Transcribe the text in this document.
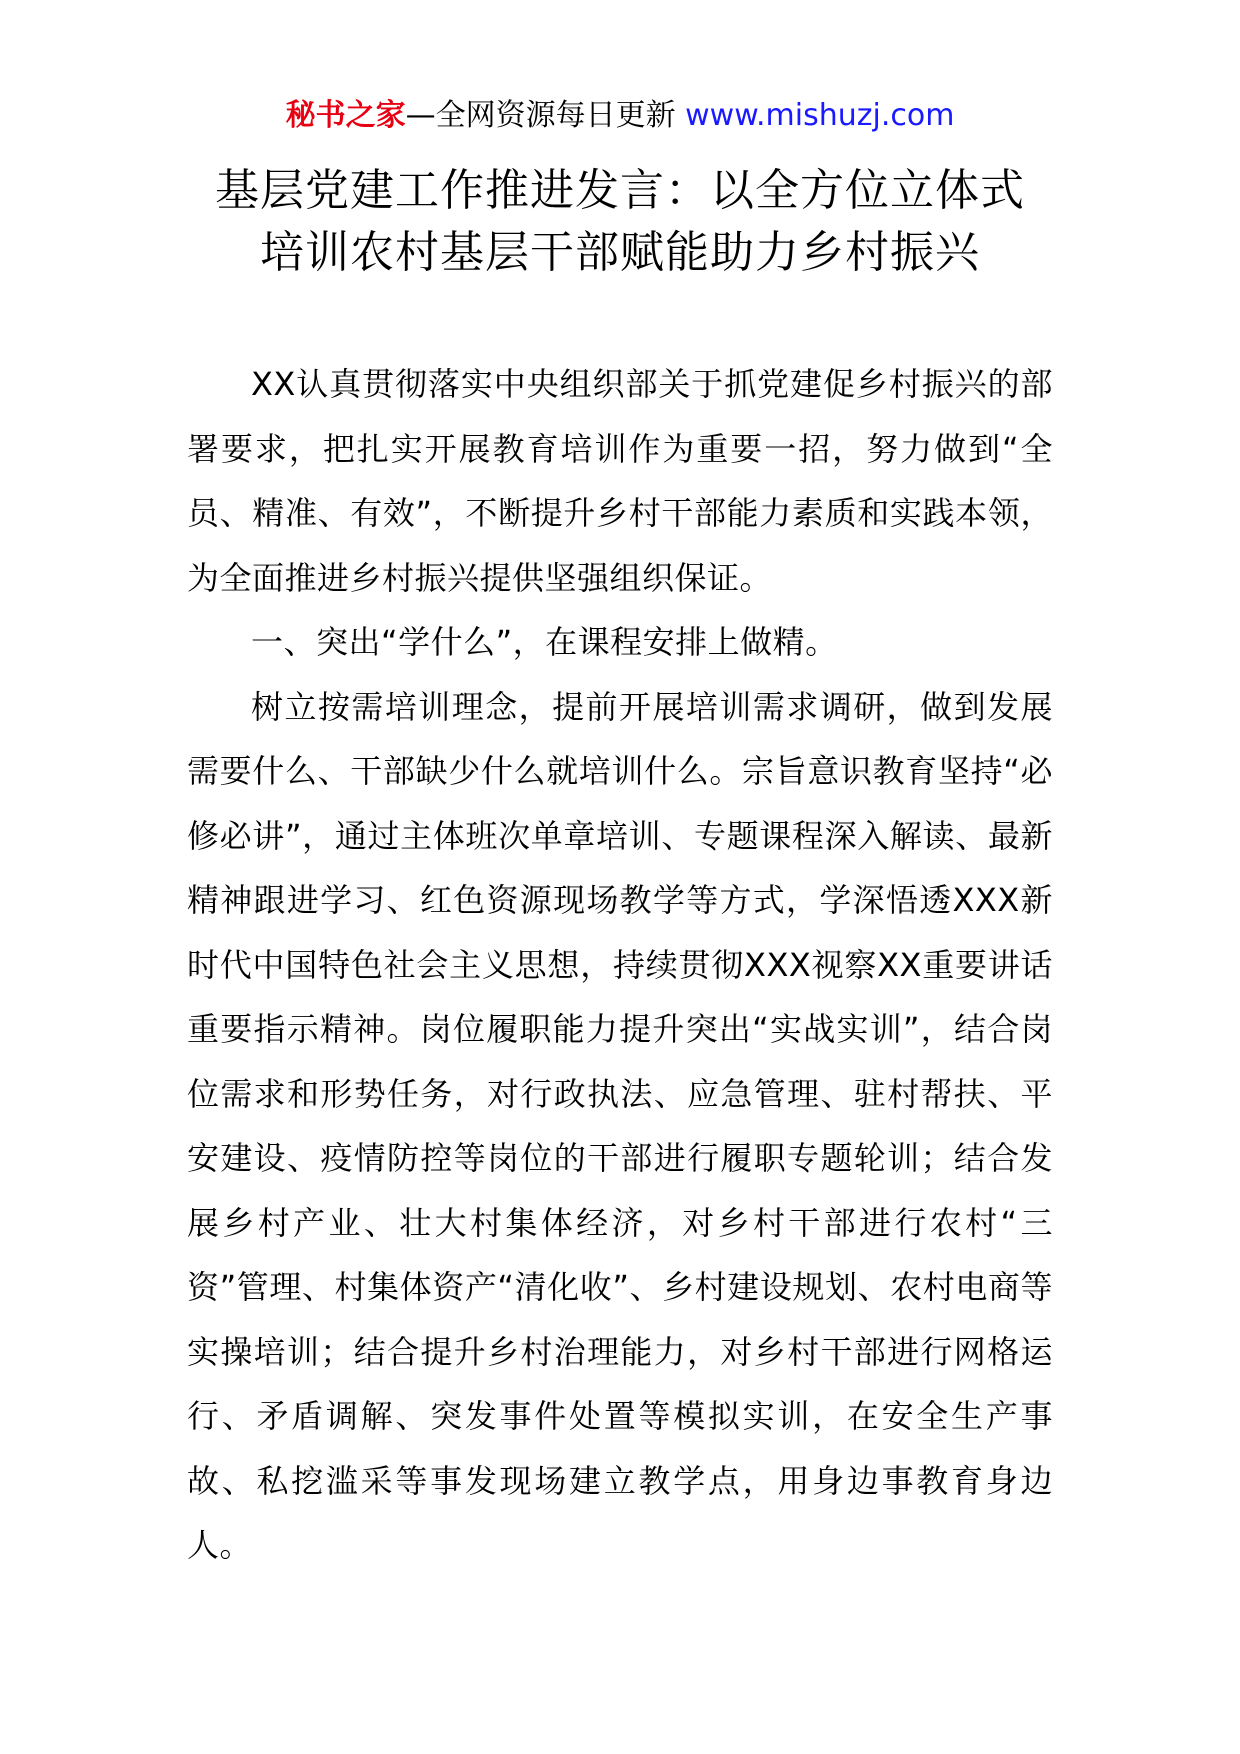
秘书之家—全网资源每日更新 www.mishuzj.com
基层党建工作推进发言：以全方位立体式
培训农村基层干部赋能助力乡村振兴

XX认真贯彻落实中央组织部关于抓党建促乡村振兴的部署要求，把扎实开展教育培训作为重要一招，努力做到“全员、精准、有效”，不断提升乡村干部能力素质和实践本领，为全面推进乡村振兴提供坚强组织保证。

一、突出“学什么”，在课程安排上做精。

树立按需培训理念，提前开展培训需求调研，做到发展需要什么、干部缺少什么就培训什么。宗旨意识教育坚持“必修必讲”，通过主体班次单章培训、专题课程深入解读、最新精神跟进学习、红色资源现场教学等方式，学深悟透XXX新时代中国特色社会主义思想，持续贯彻XXX视察XX重要讲话重要指示精神。岗位履职能力提升突出“实战实训”，结合岗位需求和形势任务，对行政执法、应急管理、驻村帮扶、平安建设、疫情防控等岗位的干部进行履职专题轮训；结合发展乡村产业、壮大村集体经济，对乡村干部进行农村“三资”管理、村集体资产“清化收”、乡村建设规划、农村电商等实操培训；结合提升乡村治理能力，对乡村干部进行网格运行、矛盾调解、突发事件处置等模拟实训，在安全生产事故、私挖滥采等事发现场建立教学点，用身边事教育身边人。
